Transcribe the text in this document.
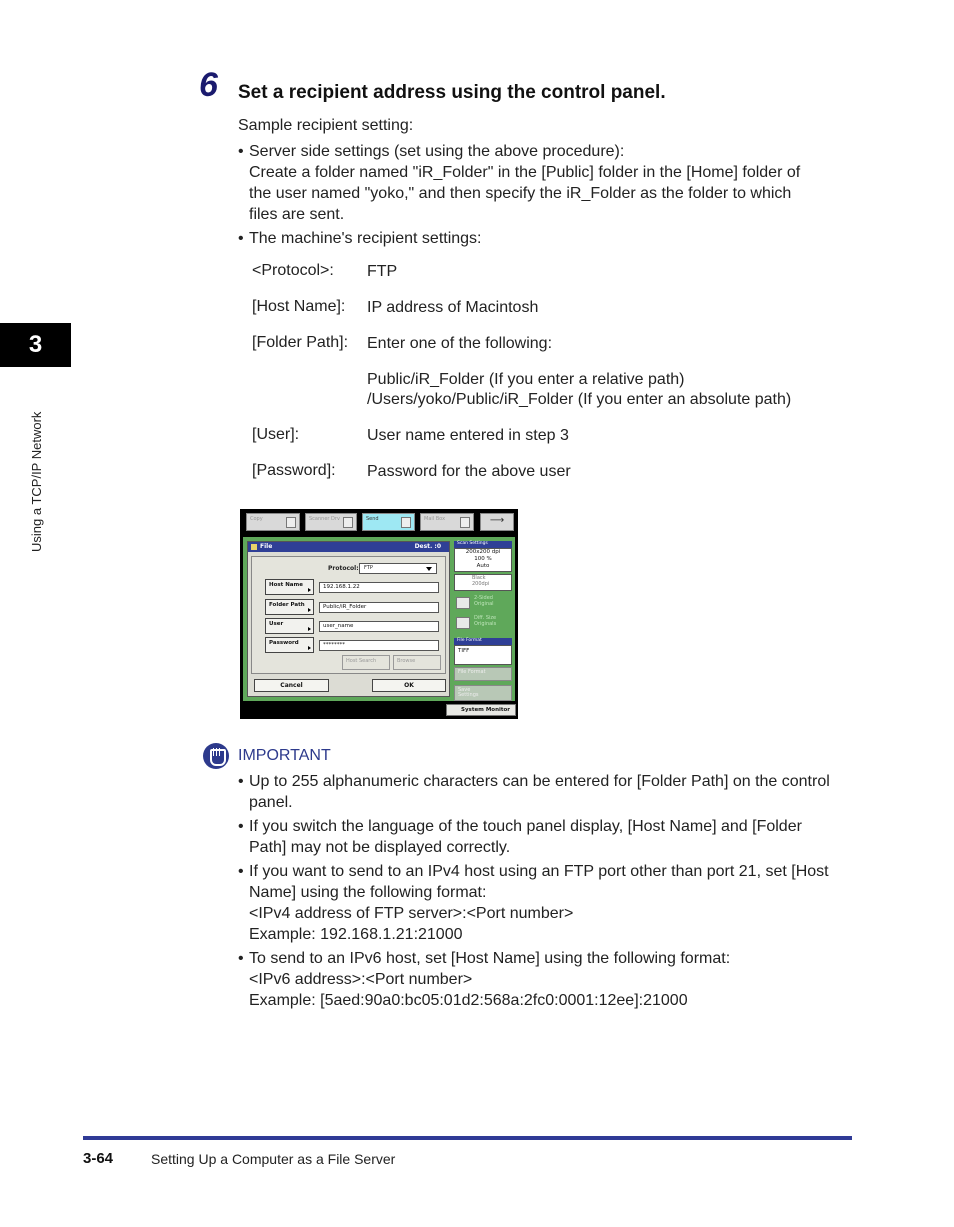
3
Using a TCP/IP Network
6 Set a recipient address using the control panel.
Sample recipient setting:
• Server side settings (set using the above procedure):
Create a folder named "iR_Folder" in the [Public] folder in the [Home] folder of
the user named "yoko," and then specify the iR_Folder as the folder to which
files are sent.
• The machine's recipient settings:
<Protocol>: FTP
[Host Name]: IP address of Macintosh
[Folder Path]: Enter one of the following:
Public/iR_Folder (If you enter a relative path)
/Users/yoko/Public/iR_Folder (If you enter an absolute path)
[User]:	User name entered in step 3
[Password]: Password for the above user
Copy	Scanner Drv	Send	Mail Box	⟶
File	Dest. :0
Protocol:	FTP
Host Name	192.168.1.22
Folder Path	Public/iR_Folder
User	user_name
Password	********
Host Search	Browse
Cancel	OK
Scan Settings
200x200 dpi
100 %
Auto
Black
200dpi
2-Sided
Original
Diff. Size
Originals
File Format
TIFF
File Format
Save
Settings
System Monitor
IMPORTANT
• Up to 255 alphanumeric characters can be entered for [Folder Path] on the control
panel.
• If you switch the language of the touch panel display, [Host Name] and [Folder
Path] may not be displayed correctly.
• If you want to send to an IPv4 host using an FTP port other than port 21, set [Host
Name] using the following format:
<IPv4 address of FTP server>:<Port number>
Example: 192.168.1.21:21000
• To send to an IPv6 host, set [Host Name] using the following format:
<IPv6 address>:<Port number>
Example: [5aed:90a0:bc05:01d2:568a:2fc0:0001:12ee]:21000
3-64	Setting Up a Computer as a File Server
